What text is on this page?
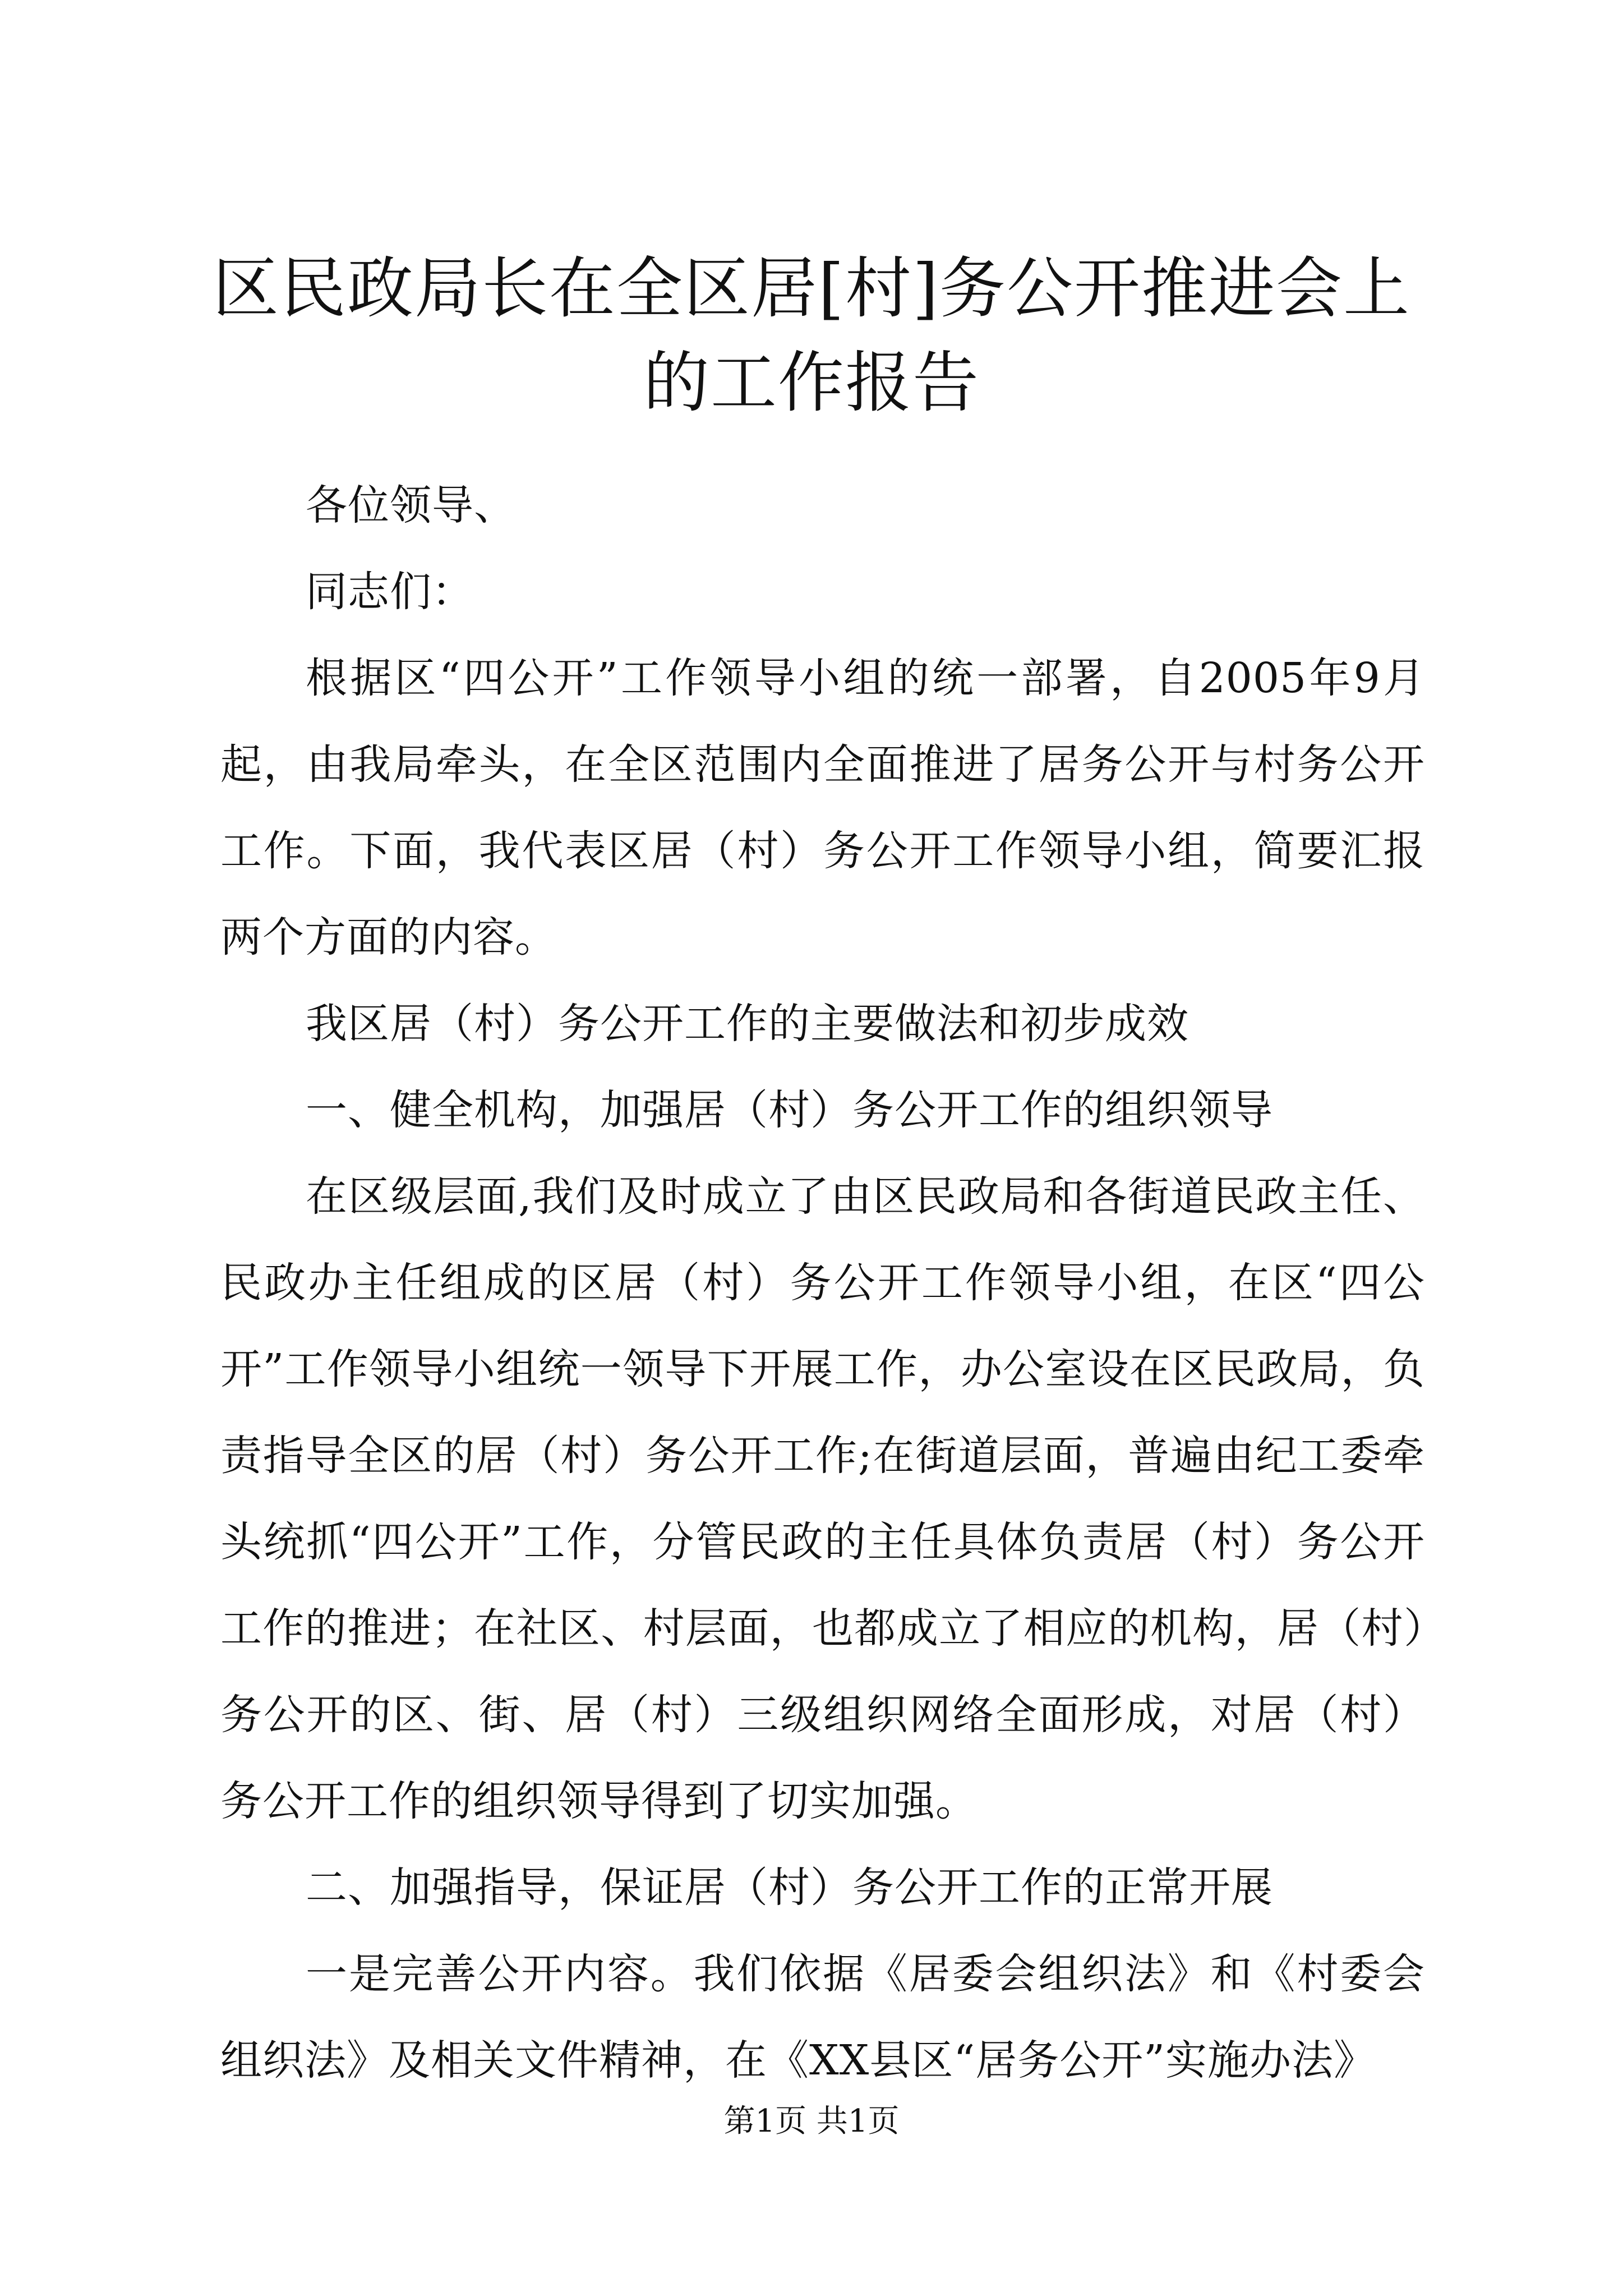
区民政局长在全区居[村]务公开推进会上的工作报告

各位领导、

同志们：

根据区“四公开”工作领导小组的统一部署，自2005年9月起，由我局牵头，在全区范围内全面推进了居务公开与村务公开工作。下面，我代表区居（村）务公开工作领导小组，简要汇报两个方面的内容。

我区居（村）务公开工作的主要做法和初步成效

一、健全机构，加强居（村）务公开工作的组织领导

在区级层面,我们及时成立了由区民政局和各街道民政主任、民政办主任组成的区居（村）务公开工作领导小组，在区“四公开”工作领导小组统一领导下开展工作，办公室设在区民政局，负责指导全区的居（村）务公开工作;在街道层面，普遍由纪工委牵头统抓“四公开”工作，分管民政的主任具体负责居（村）务公开工作的推进；在社区、村层面，也都成立了相应的机构，居（村）务公开的区、街、居（村）三级组织网络全面形成，对居（村）务公开工作的组织领导得到了切实加强。

二、加强指导，保证居（村）务公开工作的正常开展

一是完善公开内容。我们依据《居委会组织法》和《村委会组织法》及相关文件精神，在《XX县区“居务公开”实施办法》

第1页 共1页
